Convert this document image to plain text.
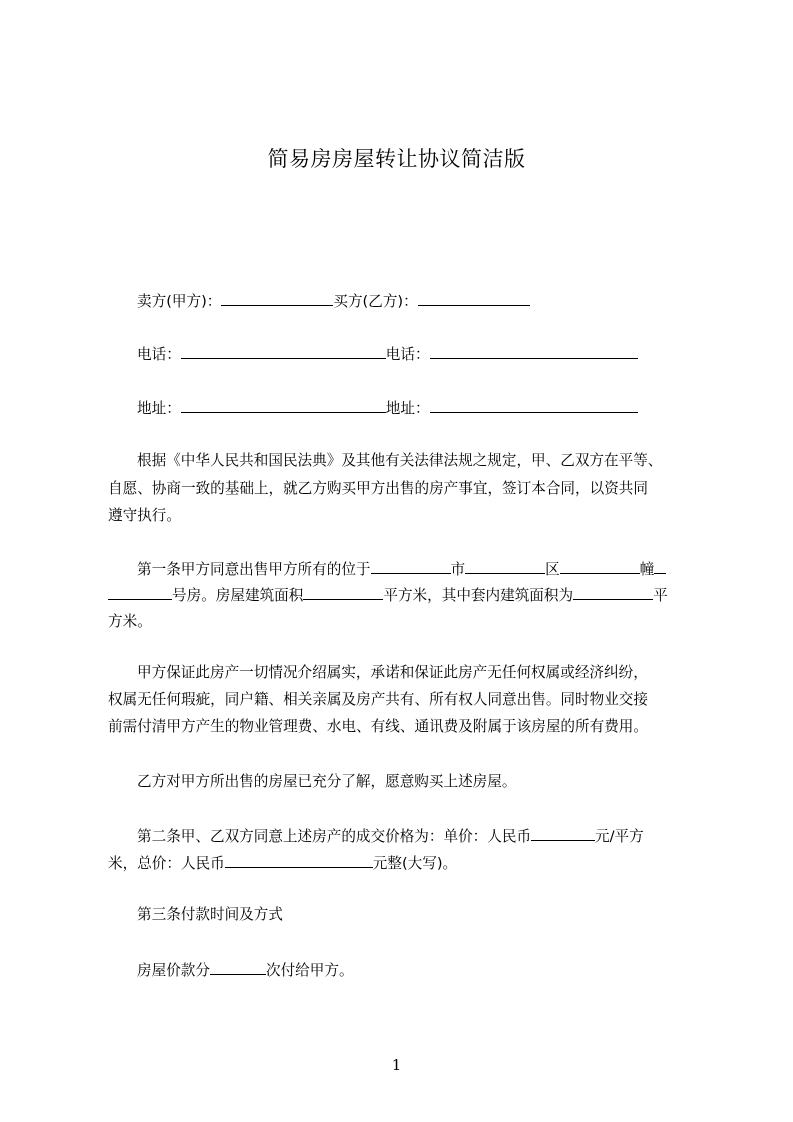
简易房房屋转让协议简洁版
卖方(甲方)：	买方(乙方)：
电话：	电话：
地址：	地址：
根据《中华人民共和国民法典》及其他有关法律法规之规定，甲、乙双方在平等、
自愿、协商一致的基础上，就乙方购买甲方出售的房产事宜，签订本合同，以资共同
遵守执行。
第一条甲方同意出售甲方所有的位于	市	区	幢
号房。房屋建筑面积	平方米，其中套内建筑面积为	平
方米。
甲方保证此房产一切情况介绍属实，承诺和保证此房产无任何权属或经济纠纷，
权属无任何瑕疵，同户籍、相关亲属及房产共有、所有权人同意出售。同时物业交接
前需付清甲方产生的物业管理费、水电、有线、通讯费及附属于该房屋的所有费用。
乙方对甲方所出售的房屋已充分了解，愿意购买上述房屋。
第二条甲、乙双方同意上述房产的成交价格为：单价：人民币	元/平方
米，总价：人民币	元整(大写)。
第三条付款时间及方式
房屋价款分	次付给甲方。
1
